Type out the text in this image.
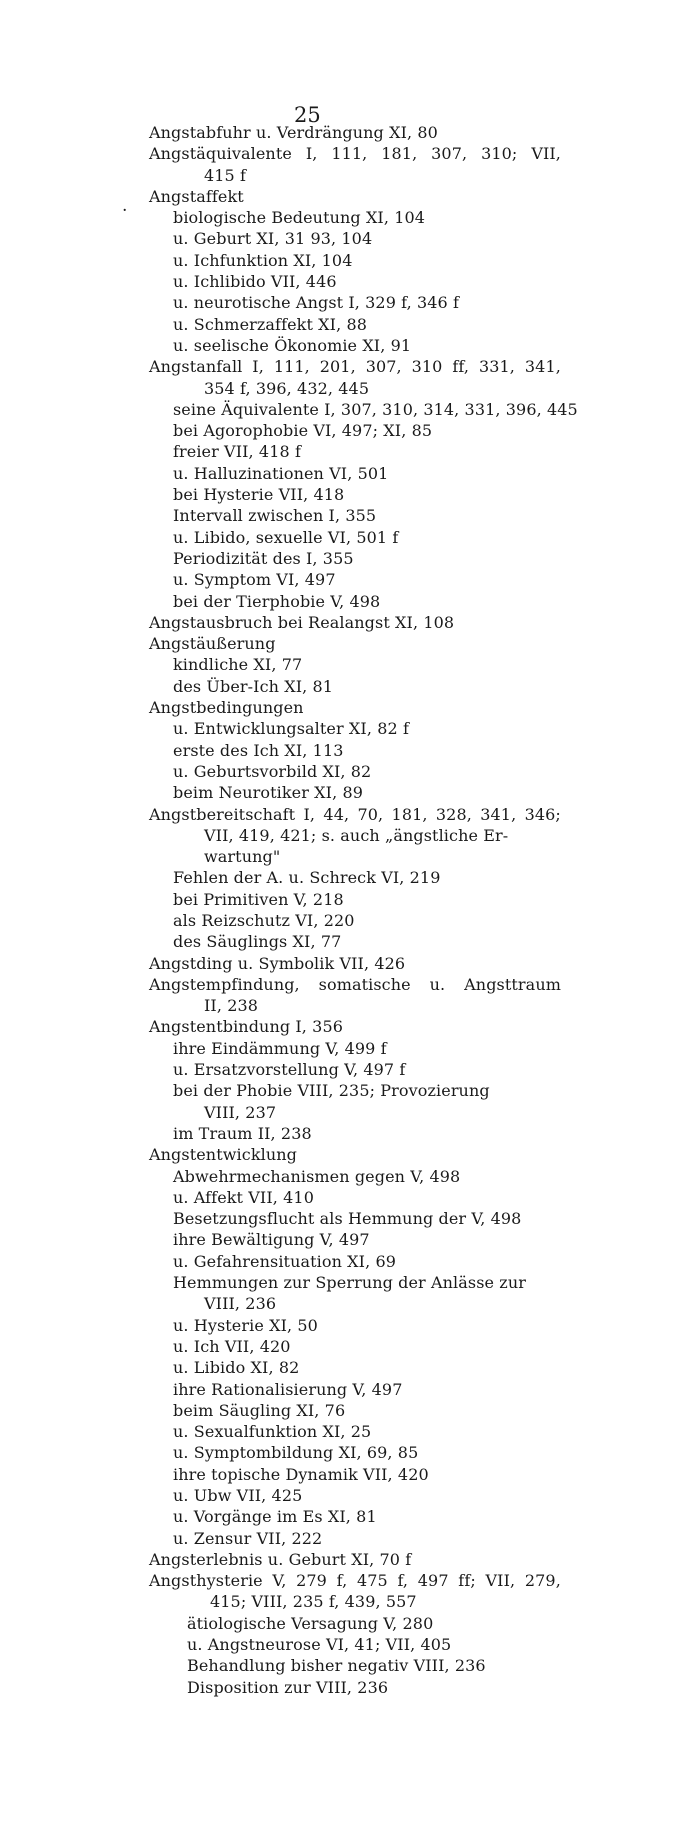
25
.
Angstabfuhr u. Verdrängung XI, 80
Angstäquivalente I, 111, 181, 307, 310; VII,
415 f
Angstaffekt
biologische Bedeutung XI, 104
u. Geburt XI, 31 93, 104
u. Ichfunktion XI, 104
u. Ichlibido VII, 446
u. neurotische Angst I, 329 f, 346 f
u. Schmerzaffekt XI, 88
u. seelische Ökonomie XI, 91
Angstanfall I, 111, 201, 307, 310 ff, 331, 341,
354 f, 396, 432, 445
seine Äquivalente I, 307, 310, 314, 331, 396, 445
bei Agorophobie VI, 497; XI, 85
freier VII, 418 f
u. Halluzinationen VI, 501
bei Hysterie VII, 418
Intervall zwischen I, 355
u. Libido, sexuelle VI, 501 f
Periodizität des I, 355
u. Symptom VI, 497
bei der Tierphobie V, 498
Angstausbruch bei Realangst XI, 108
Angstäußerung
kindliche XI, 77
des Über-Ich XI, 81
Angstbedingungen
u. Entwicklungsalter XI, 82 f
erste des Ich XI, 113
u. Geburtsvorbild XI, 82
beim Neurotiker XI, 89
Angstbereitschaft I, 44, 70, 181, 328, 341, 346;
VII, 419, 421; s. auch „ängstliche Er-
wartung"
Fehlen der A. u. Schreck VI, 219
bei Primitiven V, 218
als Reizschutz VI, 220
des Säuglings XI, 77
Angstding u. Symbolik VII, 426
Angstempfindung, somatische u. Angsttraum
II, 238
Angstentbindung I, 356
ihre Eindämmung V, 499 f
u. Ersatzvorstellung V, 497 f
bei der Phobie VIII, 235; Provozierung
VIII, 237
im Traum II, 238
Angstentwicklung
Abwehrmechanismen gegen V, 498
u. Affekt VII, 410
Besetzungsflucht als Hemmung der V, 498
ihre Bewältigung V, 497
u. Gefahrensituation XI, 69
Hemmungen zur Sperrung der Anlässe zur
VIII, 236
u. Hysterie XI, 50
u. Ich VII, 420
u. Libido XI, 82
ihre Rationalisierung V, 497
beim Säugling XI, 76
u. Sexualfunktion XI, 25
u. Symptombildung XI, 69, 85
ihre topische Dynamik VII, 420
u. Ubw VII, 425
u. Vorgänge im Es XI, 81
u. Zensur VII, 222
Angsterlebnis u. Geburt XI, 70 f
Angsthysterie V, 279 f, 475 f, 497 ff; VII, 279,
415; VIII, 235 f, 439, 557
ätiologische Versagung V, 280
u. Angstneurose VI, 41; VII, 405
Behandlung bisher negativ VIII, 236
Disposition zur VIII, 236
